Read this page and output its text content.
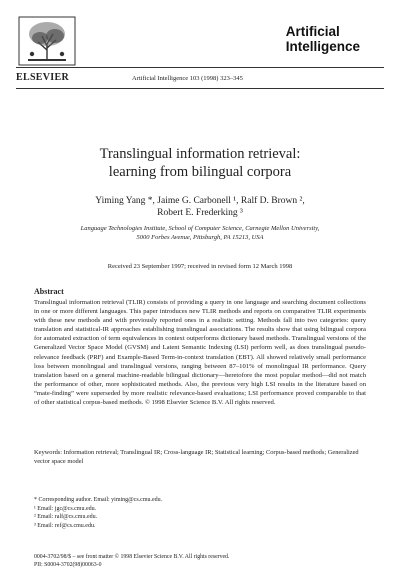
ELSEVIER	Artificial Intelligence 103 (1998) 323–345
Artificial
Intelligence
Translingual information retrieval:
learning from bilingual corpora
Yiming Yang *, Jaime G. Carbonell ¹, Ralf D. Brown ²,
Robert E. Frederking ³
Language Technologies Institute, School of Computer Science, Carnegie Mellon University,
5000 Forbes Avenue, Pittsburgh, PA 15213, USA
Received 23 September 1997; received in revised form 12 March 1998
Abstract
Translingual information retrieval (TLIR) consists of providing a query in one language and searching document collections in one or more different languages. This paper introduces new TLIR methods and reports on comparative TLIR experiments with these new methods and with previously reported ones in a realistic setting. Methods fall into two categories: query translation and statistical-IR approaches establishing translingual associations. The results show that using bilingual corpora for automated extraction of term equivalences in context outperforms dictionary based methods. Translingual versions of the Generalized Vector Space Model (GVSM) and Latent Semantic Indexing (LSI) perform well, as does translingual pseudo-relevance feedback (PRF) and Example-Based Term-in-context translation (EBT). All showed relatively small performance loss between monolingual and translingual versions, ranging between 87–101% of monolingual IR performance. Query translation based on a general machine-readable bilingual dictionary—heretofore the most popular method—did not match the performance of other, more sophisticated methods. Also, the previous very high LSI results in the literature based on “mate-finding” were superseded by more realistic relevance-based evaluations; LSI performance proved comparable to that of other statistical corpus-based methods. © 1998 Elsevier Science B.V. All rights reserved.
Keywords: Information retrieval; Translingual IR; Cross-language IR; Statistical learning; Corpus-based methods; Generalized vector space model
* Corresponding author. Email: yiming@cs.cmu.edu.
¹ Email: jgc@cs.cmu.edu.
² Email: ralf@cs.cmu.edu.
³ Email: ref@cs.cmu.edu.
0004-3702/98/$ – see front matter © 1998 Elsevier Science B.V. All rights reserved.
PII: S0004-3702(98)00063-0
